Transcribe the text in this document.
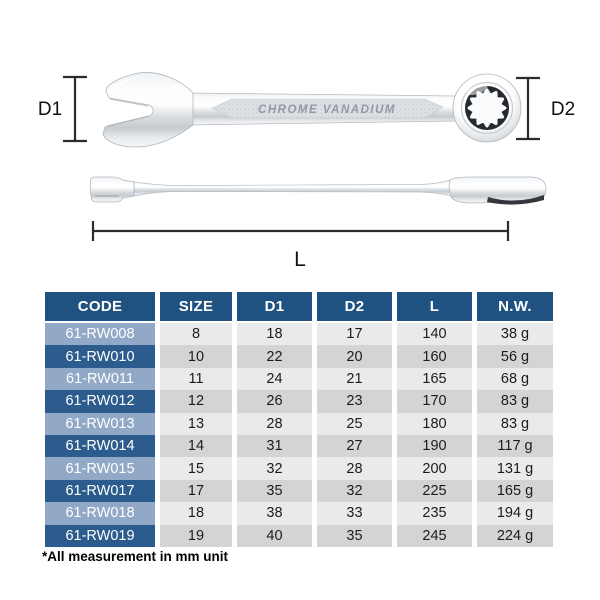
CHROME VANADIUM
D1	D2
L
CODE	SIZE	D1	D2	L	N.W.
61-RW008	8	18	17	140	38 g
61-RW010	10	22	20	160	56 g
61-RW011	11	24	21	165	68 g
61-RW012	12	26	23	170	83 g
61-RW013	13	28	25	180	83 g
61-RW014	14	31	27	190	117 g
61-RW015	15	32	28	200	131 g
61-RW017	17	35	32	225	165 g
61-RW018	18	38	33	235	194 g
61-RW019	19	40	35	245	224 g
*All measurement in mm unit
